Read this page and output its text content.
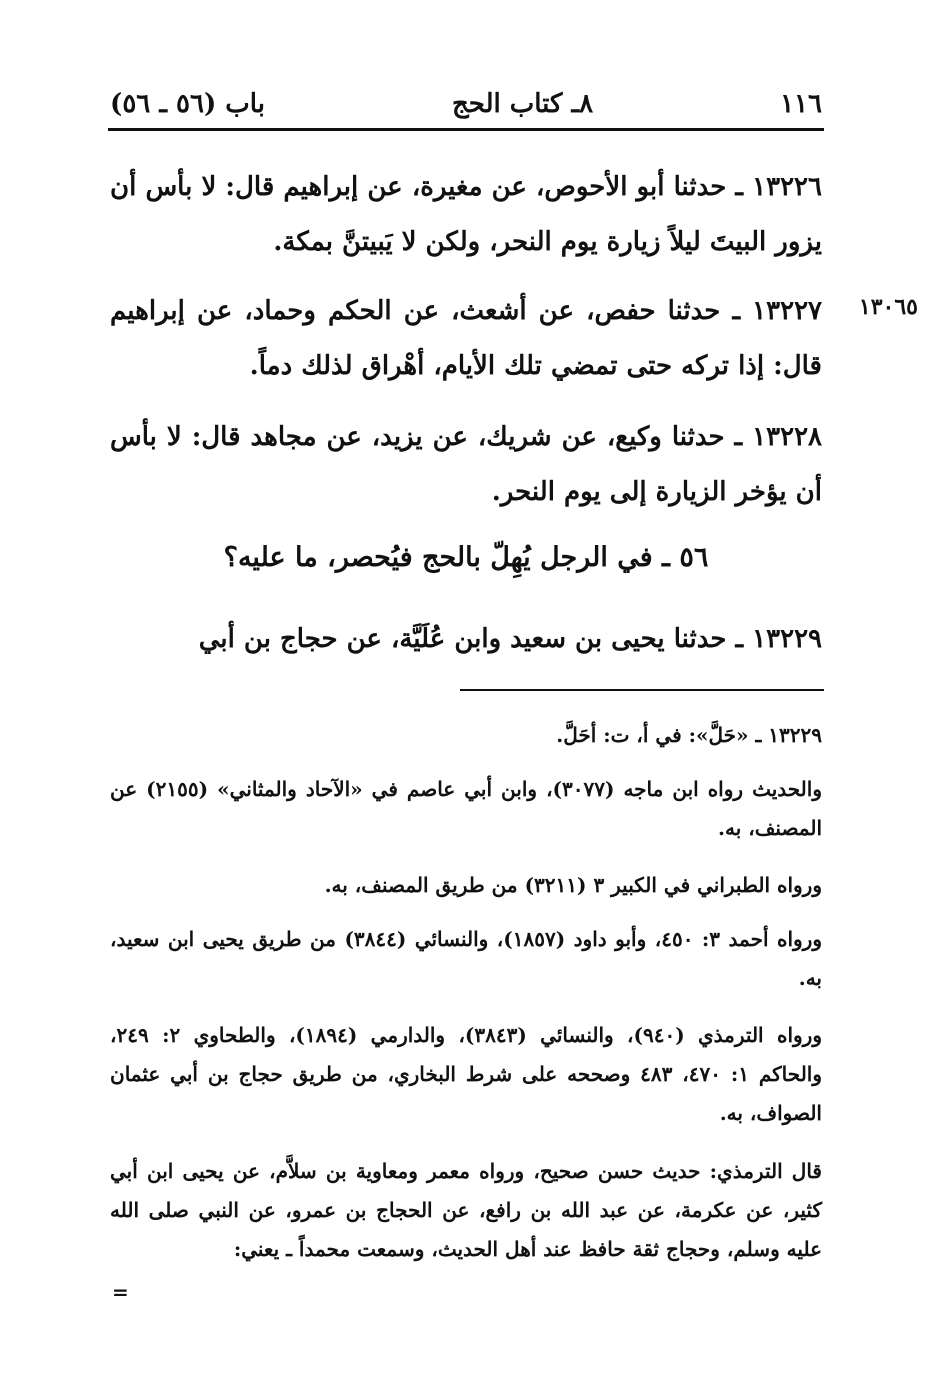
١١٦
٨ـ كتاب الحج
باب (٥٦ ـ ٥٦)
١٣٢٢٦ ـ حدثنا أبو الأحوص، عن مغيرة، عن إبراهيم قال: لا بأس أن يزور البيتَ ليلاً زيارة يوم النحر، ولكن لا يَبيتنَّ بمكة.
١٣٠٦٥
١٣٢٢٧ ـ حدثنا حفص، عن أشعث، عن الحكم وحماد، عن إبراهيم قال: إذا تركه حتى تمضي تلك الأيام، أهْراق لذلك دماً.
١٣٢٢٨ ـ حدثنا وكيع، عن شريك، عن يزيد، عن مجاهد قال: لا بأس أن يؤخر الزيارة إلى يوم النحر.
٥٦ ـ في الرجل يُهِلّ بالحج فيُحصر، ما عليه؟
١٣٢٢٩ ـ حدثنا يحيى بن سعيد وابن عُلَيَّة، عن حجاج بن أبي
١٣٢٢٩ ـ «حَلَّ»: في أ، ت: أحَلَّ.
والحديث رواه ابن ماجه (٣٠٧٧)، وابن أبي عاصم في «الآحاد والمثاني» (٢١٥٥) عن المصنف، به.
ورواه الطبراني في الكبير ٣ (٣٢١١) من طريق المصنف، به.
ورواه أحمد ٣: ٤٥٠، وأبو داود (١٨٥٧)، والنسائي (٣٨٤٤) من طريق يحيى ابن سعيد، به.
ورواه الترمذي (٩٤٠)، والنسائي (٣٨٤٣)، والدارمي (١٨٩٤)، والطحاوي ٢: ٢٤٩، والحاكم ١: ٤٧٠، ٤٨٣ وصححه على شرط البخاري، من طريق حجاج بن أبي عثمان الصواف، به.
قال الترمذي: حديث حسن صحيح، ورواه معمر ومعاوية بن سلاَّم، عن يحيى ابن أبي كثير، عن عكرمة، عن عبد الله بن رافع، عن الحجاج بن عمرو، عن النبي صلى الله عليه وسلم، وحجاج ثقة حافظ عند أهل الحديث، وسمعت محمداً ـ يعني:
=
